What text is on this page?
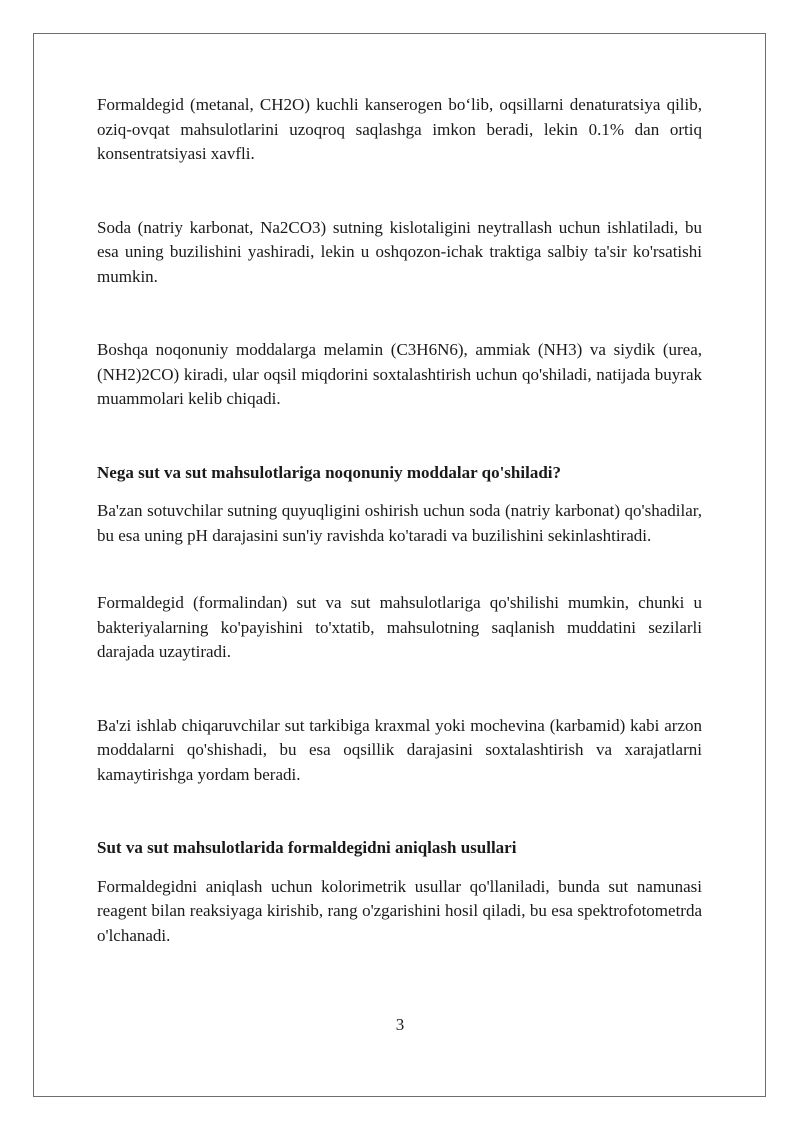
Formaldegid (metanal, CH2O) kuchli kanserogen bo‘lib, oqsillarni denaturatsiya qilib, oziq-ovqat mahsulotlarini uzoqroq saqlashga imkon beradi, lekin 0.1% dan ortiq konsentratsiyasi xavfli.

Soda (natriy karbonat, Na2CO3) sutning kislotaligini neytrallash uchun ishlatiladi, bu esa uning buzilishini yashiradi, lekin u oshqozon-ichak traktiga salbiy ta'sir ko'rsatishi mumkin.

Boshqa noqonuniy moddalarga melamin (C3H6N6), ammiak (NH3) va siydik (urea, (NH2)2CO) kiradi, ular oqsil miqdorini soxtalashtirish uchun qo'shiladi, natijada buyrak muammolari kelib chiqadi.

Nega sut va sut mahsulotlariga noqonuniy moddalar qo'shiladi?

Ba'zan sotuvchilar sutning quyuqligini oshirish uchun soda (natriy karbonat) qo'shadilar, bu esa uning pH darajasini sun'iy ravishda ko'taradi va buzilishini sekinlashtiradi.

Formaldegid (formalindan) sut va sut mahsulotlariga qo'shilishi mumkin, chunki u bakteriyalarning ko'payishini to'xtatib, mahsulotning saqlanish muddatini sezilarli darajada uzaytiradi.

Ba'zi ishlab chiqaruvchilar sut tarkibiga kraxmal yoki mochevina (karbamid) kabi arzon moddalarni qo'shishadi, bu esa oqsillik darajasini soxtalashtirish va xarajatlarni kamaytirishga yordam beradi.

Sut va sut mahsulotlarida formaldegidni aniqlash usullari

Formaldegidni aniqlash uchun kolorimetrik usullar qo'llaniladi, bunda sut namunasi reagent bilan reaksiyaga kirishib, rang o'zgarishini hosil qiladi, bu esa spektrofotometrda o'lchanadi.

3
